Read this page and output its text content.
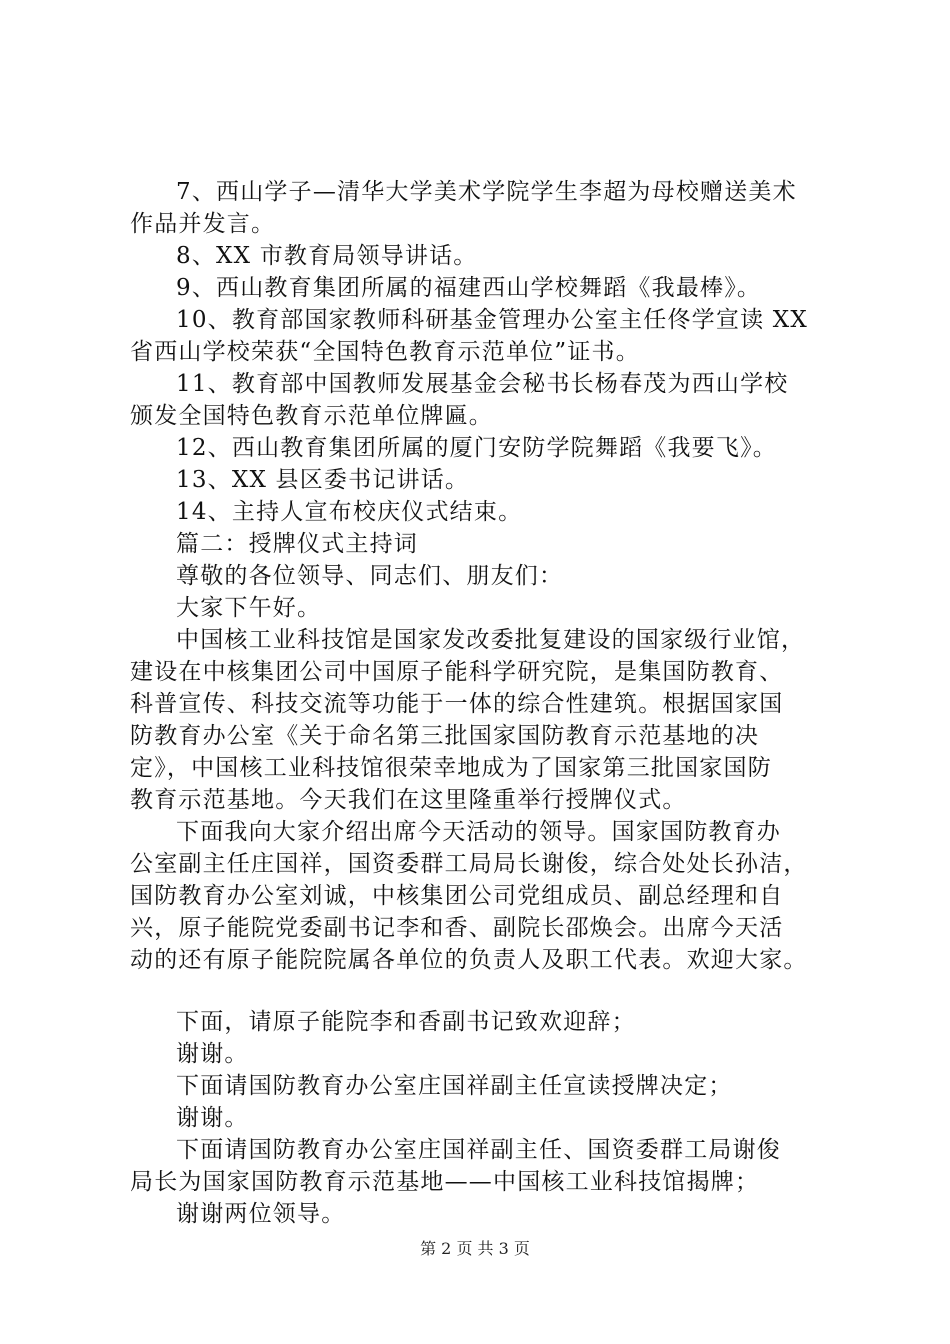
7、西山学子—清华大学美术学院学生李超为母校赠送美术
作品并发言。
8、XX 市教育局领导讲话。
9、西山教育集团所属的福建西山学校舞蹈《我最棒》。
10、教育部国家教师科研基金管理办公室主任佟学宣读 XX
省西山学校荣获“全国特色教育示范单位”证书。
11、教育部中国教师发展基金会秘书长杨春茂为西山学校
颁发全国特色教育示范单位牌匾。
12、西山教育集团所属的厦门安防学院舞蹈《我要飞》。
13、XX 县区委书记讲话。
14、主持人宣布校庆仪式结束。
篇二：授牌仪式主持词
尊敬的各位领导、同志们、朋友们：
大家下午好。
中国核工业科技馆是国家发改委批复建设的国家级行业馆，
建设在中核集团公司中国原子能科学研究院，是集国防教育、
科普宣传、科技交流等功能于一体的综合性建筑。根据国家国
防教育办公室《关于命名第三批国家国防教育示范基地的决
定》，中国核工业科技馆很荣幸地成为了国家第三批国家国防
教育示范基地。今天我们在这里隆重举行授牌仪式。
下面我向大家介绍出席今天活动的领导。国家国防教育办
公室副主任庄国祥，国资委群工局局长谢俊，综合处处长孙洁，
国防教育办公室刘诚，中核集团公司党组成员、副总经理和自
兴，原子能院党委副书记李和香、副院长邵焕会。出席今天活
动的还有原子能院院属各单位的负责人及职工代表。欢迎大家。
下面，请原子能院李和香副书记致欢迎辞；
谢谢。
下面请国防教育办公室庄国祥副主任宣读授牌决定；
谢谢。
下面请国防教育办公室庄国祥副主任、国资委群工局谢俊
局长为国家国防教育示范基地——中国核工业科技馆揭牌；
谢谢两位领导。
第 2 页 共 3 页
